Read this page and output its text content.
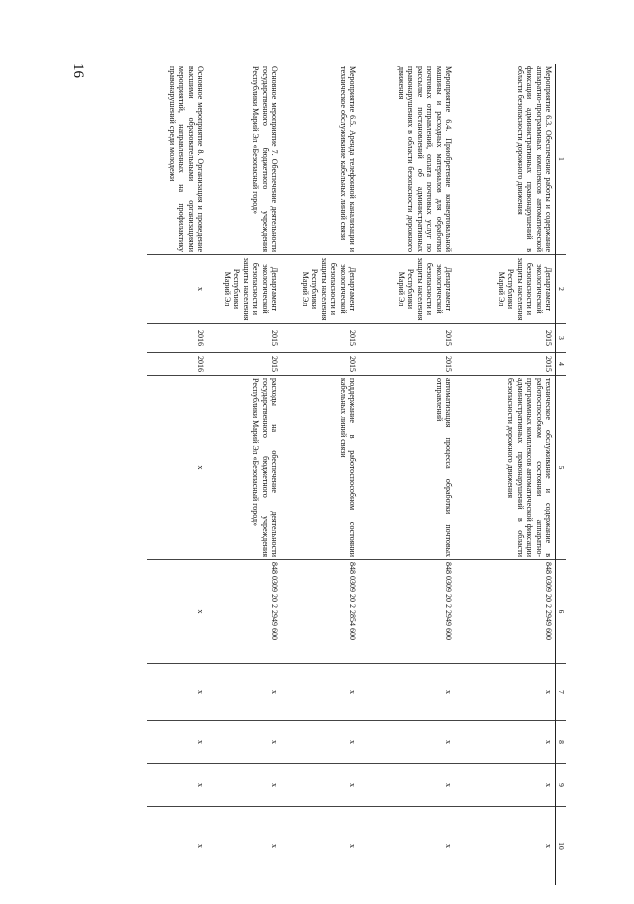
16
1	2	3	4	5	6	7	8	9	10
Мероприятие 6.3. Обеспечение работы и содержание аппаратно-программных комплексов автоматической фиксации административных правонарушений в области безопасности дорожного движения	Департамент экологической безопасности и защиты населения Республики Марий Эл	2015	2015	техническое обслуживание и содержание в работоспособном состоянии аппаратно-программных комплексов автоматической фиксации административных правонарушений в области безопасности дорожного движения	848 0309 20 2 2949 600	x	x	x	x
Мероприятие 6.4. Приобретение конвертовальной машины и расходных материалов для обработки почтовых отправлений, оплата почтовых услуг по рассылке постановлений об административных правонарушениях в области безопасности дорожного движения	Департамент экологической безопасности и защиты населения Республики Марий Эл	2015	2015	автоматизация процесса обработки почтовых отправлений	848 0309 20 2 2949 600	x	x	x	x
Мероприятие 6.5. Аренда телефонной канализации и техническое обслуживание кабельных линий связи	Департамент экологической безопасности и защиты населения Республики Марий Эл	2015	2015	поддержание в работоспособном состоянии кабельных линий связи	848 0309 20 2 2854 600	x	x	x	x
Основное мероприятие 7. Обеспечение деятельности государственного бюджетного учреждения Республики Марий Эл «Безопасный город»	Департамент экологической безопасности и защиты населения Республики Марий Эл	2015	2015	расходы на обеспечение деятельности государственного бюджетного учреждения Республики Марий Эл «Безопасный город»	848 0309 20 2 2949 600	x	x	x	x
Основное мероприятие 8. Организация и проведение высшими образовательными организациями мероприятий, направленных на профилактику правонарушений среди молодежи	x	2016	2016	x	x	x	x	x	x
